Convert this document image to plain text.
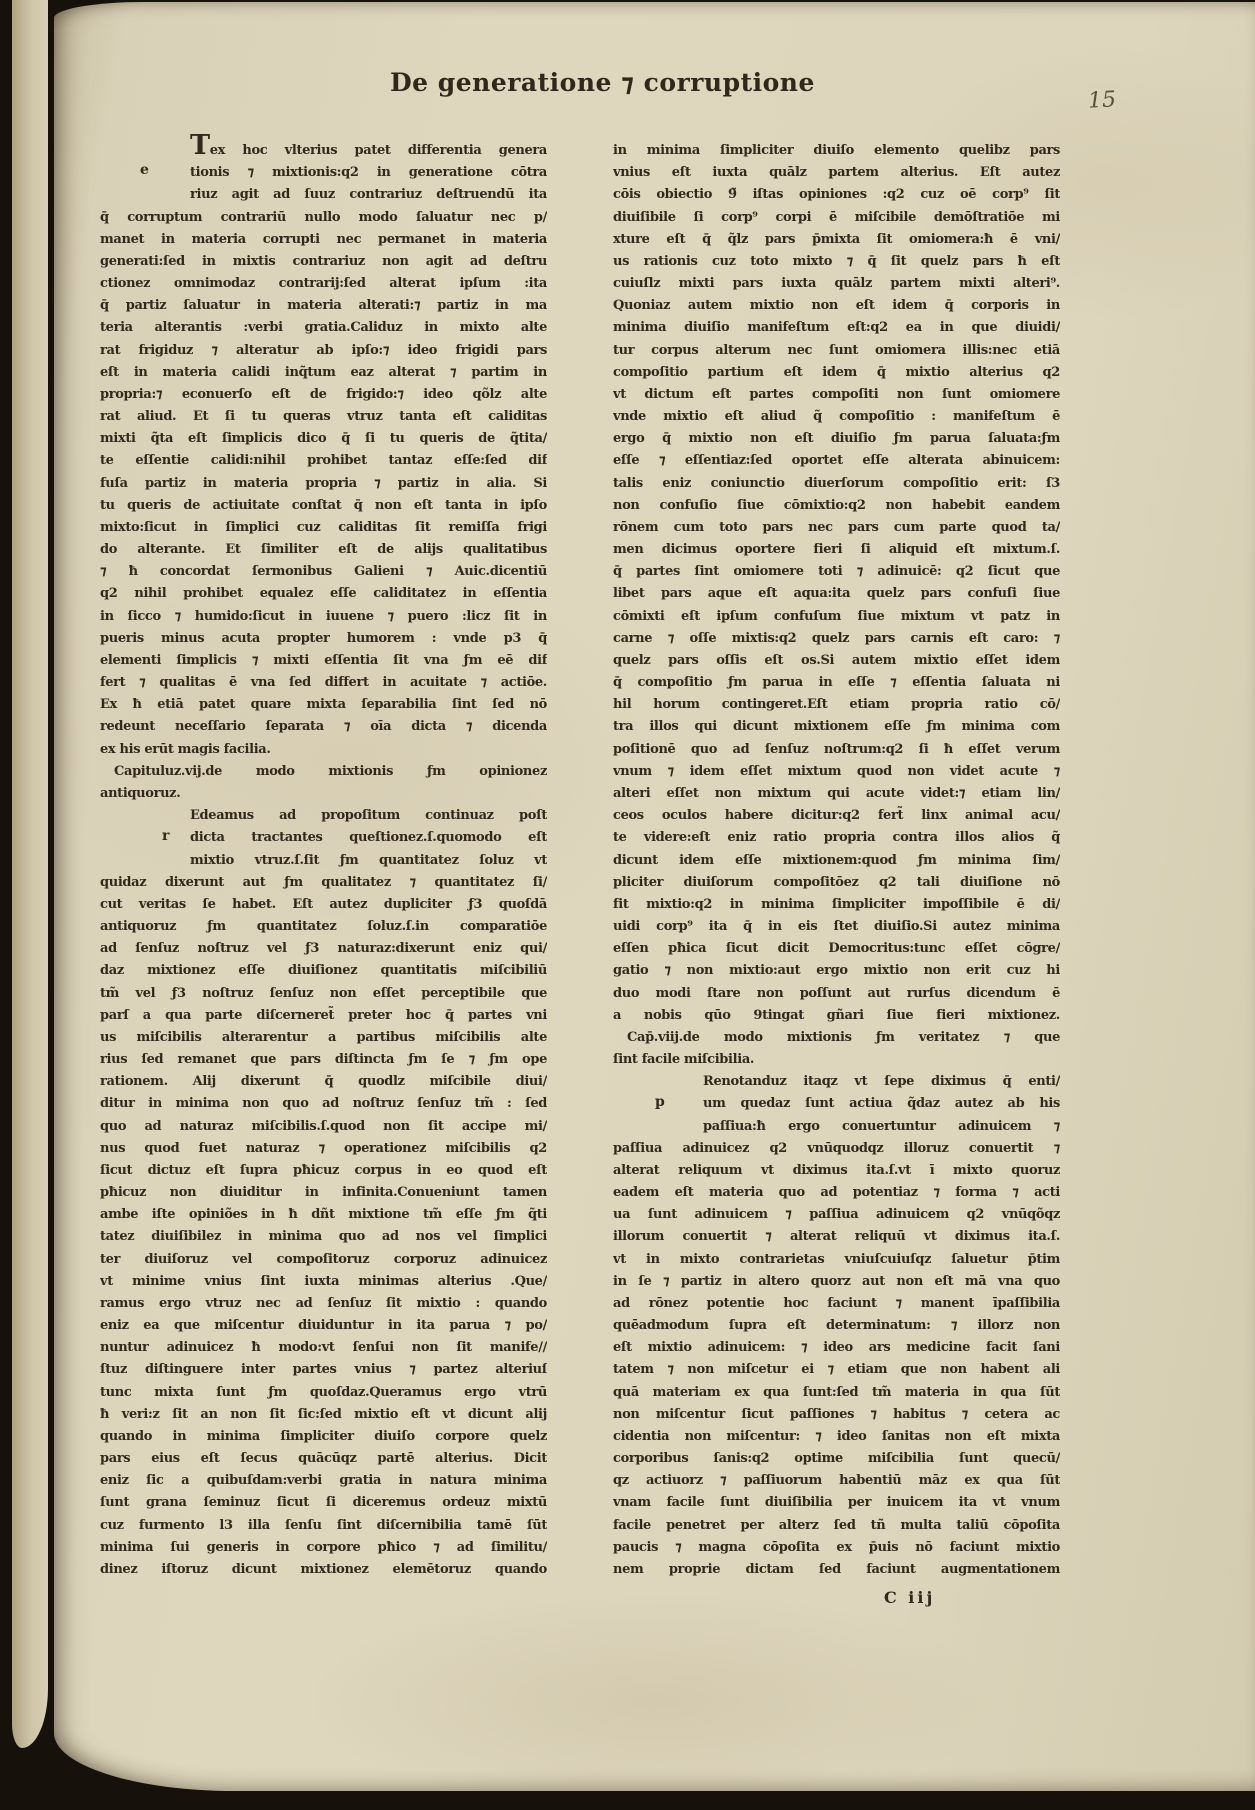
De generatione ⁊ corruptione
15
Tex hoc vlterius patet differentia genera
tionis ⁊ mixtionis:q2 in generatione cōtra
riuz agit ad ſuuz contrariuz deſtruendū ita
q̄ corruptum contrariū nullo modo ſaluatur nec p/
manet in materia corrupti nec permanet in materia
generati:ſed in mixtis contrariuz non agit ad deſtru
ctionez omnimodaz contrarij:ſed alterat ipſum :ita
q̄ partiz ſaluatur in materia alterati:⁊ partiz in ma
teria alterantis :verbi gratia.Caliduz in mixto alte
rat frigiduz ⁊ alteratur ab ipſo:⁊ ideo frigidi pars
eſt in materia calidi inq̃tum eaz alterat ⁊ partim in
propria:⁊ econuerſo eſt de frigido:⁊ ideo qõlz alte
rat aliud. Et ſi tu queras vtruz tanta eſt caliditas
mixti q̃ta eſt ſimplicis dico q̄ ſi tu queris de q̃tita/
te eſſentie calidi:nihil prohibet tantaz eſſe:ſed dif
fuſa partiz in materia propria ⁊ partiz in alia. Si
tu queris de actiuitate conſtat q̄ non eſt tanta in ipſo
mixto:ſicut in ſimplici cuz caliditas ſit remiſſa frigi
do alterante. Et ſimiliter eſt de alijs qualitatibus
⁊ ħ concordat ſermonibus Galieni ⁊ Auic.dicentiū
q2 nihil prohibet equalez eſſe caliditatez in eſſentia
in ſicco ⁊ humido:ſicut in iuuene ⁊ puero :licz ſit in
pueris minus acuta propter humorem : vnde p3 q̄
elementi ſimplicis ⁊ mixti eſſentia ſit vna ƒm eē dif
fert ⁊ qualitas ē vna ſed differt in acuitate ⁊ actiōe.
Ex ħ etiā patet quare mixta ſeparabilia ſint ſed nō
redeunt neceſſario ſeparata ⁊ oīa dicta ⁊ dicenda
ex his erūt magis facilia.
Capituluz.vij.de modo mixtionis ƒm opinionez
antiquoruz.
Edeamus ad propoſitum continuaz poſt
dicta tractantes queſtionez.ſ.quomodo eſt
mixtio vtruz.ſ.ſit ƒm quantitatez ſoluz vt
quidaz dixerunt aut ƒm qualitatez ⁊ quantitatez ſi/
cut veritas ſe habet. Eſt autez dupliciter ƒ3 quoſdā
antiquoruz ƒm quantitatez ſoluz.ſ.in comparatiōe
ad ſenſuz noſtruz vel ƒ3 naturaz:dixerunt eniz qui/
daz mixtionez eſſe diuiſionez quantitatis miſcibiliū
tm̃ vel ƒ3 noſtruz ſenſuz non eſſet perceptibile que
parſ a qua parte diſcerneret̃ preter hoc q̄ partes vni
us miſcibilis alterarentur a partibus miſcibilis alte
rius ſed remanet que pars diſtincta ƒm ſe ⁊ ƒm ope
rationem. Alij dixerunt q̄ quodlz miſcibile diui/
ditur in minima non quo ad noſtruz ſenſuz tm̃ : ſed
quo ad naturaz miſcibilis.ſ.quod non ſit accipe mi/
nus quod fuet naturaz ⁊ operationez miſcibilis q2
ſicut dictuz eſt ſupra pħicuz corpus in eo quod eſt
pħicuz non diuiditur in infinita.Conueniunt tamen
ambe iſte opiniões in ħ dñt mixtione tm̃ eſſe ƒm q̃ti
tatez diuiſibilez in minima quo ad nos vel ſimplici
ter diuiſoruz vel compoſitoruz corporuz adinuicez
vt minime vnius ſint iuxta minimas alterius .Que/
ramus ergo vtruz nec ad ſenſuz ſit mixtio : quando
eniz ea que miſcentur diuiduntur in ita parua ⁊ po/
nuntur adinuicez ħ modo:vt ſenſui non ſit manife//
ſtuz diſtinguere inter partes vnius ⁊ partez alteriuſ
tunc mixta ſunt ƒm quoſdaz.Queramus ergo vtrū
ħ veri:z ſit an non ſit ſic:ſed mixtio eſt vt dicunt alij
quando in minima ſimpliciter diuiſo corpore quelz
pars eius eſt ſecus quācūqz partē alterius. Dicit
eniz ſic a quibuſdam:verbi gratia in natura minima
ſunt grana ſeminuz ſicut ſi diceremus ordeuz mixtū
cuz furmento l3 illa ſenſu ſint diſcernibilia tamē ſūt
minima ſui generis in corpore pħico ⁊ ad ſimilitu/
dinez iſtoruz dicunt mixtionez elemētoruz quando
in minima ſimpliciter diuiſo elemento quelibz pars
vnius eſt iuxta quālz partem alterius. Eſt autez
cōis obiectio 9̃ iſtas opiniones :q2 cuz oē corp⁹ ſit
diuiſibile ſi corp⁹ corpi ē miſcibile demōſtratiōe mi
xture eſt q̄ q̃lz pars p̄mixta ſit omiomera:ħ ē vni/
us rationis cuz toto mixto ⁊ q̄ ſit quelz pars ħ eſt
cuiuſlz mixti pars iuxta quālz partem mixti alteri⁹.
Quoniaz autem mixtio non eſt idem q̄ corporis in
minima diuiſio manifeſtum eſt:q2 ea in que diuidi/
tur corpus alterum nec ſunt omiomera illis:nec etiā
compoſitio partium eſt idem q̄ mixtio alterius q2
vt dictum eſt partes compoſiti non ſunt omiomere
vnde mixtio eſt aliud q̃ compoſitio : manifeſtum ē
ergo q̄ mixtio non eſt diuiſio ƒm parua ſaluata:ƒm
eſſe ⁊ eſſentiaz:ſed oportet eſſe alterata abinuicem:
talis eniz coniunctio diuerſorum compoſitio erit: ſ3
non confuſio ſiue cōmixtio:q2 non habebit eandem
rōnem cum toto pars nec pars cum parte quod ta/
men dicimus oportere fieri ſi aliquid eſt mixtum.ſ.
q̄ partes ſint omiomere toti ⁊ adinuicē: q2 ſicut que
libet pars aque eſt aqua:ita quelz pars confuſi ſiue
cōmixti eſt ipſum confuſum ſiue mixtum vt patz in
carne ⁊ oſſe mixtis:q2 quelz pars carnis eſt caro: ⁊
quelz pars oſſis eſt os.Si autem mixtio eſſet idem
q̄ compoſitio ƒm parua in eſſe ⁊ eſſentia ſaluata ni
hil horum contingeret.Eſt etiam propria ratio cō/
tra illos qui dicunt mixtionem eſſe ƒm minima com
poſitionē quo ad ſenſuz noſtrum:q2 ſi ħ eſſet verum
vnum ⁊ idem eſſet mixtum quod non videt acute ⁊
alteri eſſet non mixtum qui acute videt:⁊ etiam lin/
ceos oculos habere dicitur:q2 fert̃ linx animal acu/
te videre:eſt eniz ratio propria contra illos alios q̃
dicunt idem eſſe mixtionem:quod ƒm minima ſim/
pliciter diuiſorum compoſitōez q2 tali diuiſione nō
fit mixtio:q2 in minima ſimpliciter impoſſibile ē di/
uidi corp⁹ ita q̄ in eis ſtet diuiſio.Si autez minima
eſſen pħica ſicut dicit Democritus:tunc eſſet cōgre/
gatio ⁊ non mixtio:aut ergo mixtio non erit cuz hi
duo modi ſtare non poſſunt aut rurſus dicendum ē
a nobis qūo 9tingat gñari ſiue fieri mixtionez.
Cap̄.viij.de modo mixtionis ƒm veritatez ⁊ que
ſint facile miſcibilia.
Renotanduz itaqz vt ſepe diximus q̄ enti/
um quedaz ſunt actiua q̃daz autez ab his
paſſiua:ħ ergo conuertuntur adinuicem ⁊
paſſiua adinuicez q2 vnūquodqz illoruz conuertit ⁊
alterat reliquum vt diximus ita.ſ.vt ī mixto quoruz
eadem eſt materia quo ad potentiaz ⁊ forma ⁊ acti
ua ſunt adinuicem ⁊ paſſiua adinuicem q2 vnūqõqz
illorum conuertit ⁊ alterat reliquū vt diximus ita.ſ.
vt in mixto contrarietas vniuſcuiuſqz ſaluetur p̄tim
in ſe ⁊ partiz in altero quorz aut non eſt mā vna quo
ad rōnez potentie hoc faciunt ⁊ manent īpaſſibilia
quēadmodum ſupra eſt determinatum: ⁊ illorz non
eſt mixtio adinuicem: ⁊ ideo ars medicine facit ſani
tatem ⁊ non miſcetur ei ⁊ etiam que non habent ali
quā materiam ex qua ſunt:ſed tm̃ materia in qua ſūt
non miſcentur ſicut paſſiones ⁊ habitus ⁊ cetera ac
cidentia non miſcentur: ⁊ ideo ſanitas non eſt mixta
corporibus ſanis:q2 optime miſcibilia ſunt quecū/
qz actiuorz ⁊ paſſiuorum habentiū māz ex qua ſūt
vnam facile ſunt diuiſibilia per inuicem ita vt vnum
facile penetret per alterz ſed tñ multa taliū cōpoſita
paucis ⁊ magna cōpoſita ex p̄uis nō faciunt mixtio
nem proprie dictam ſed faciunt augmentationem
C iij
e
r
p
